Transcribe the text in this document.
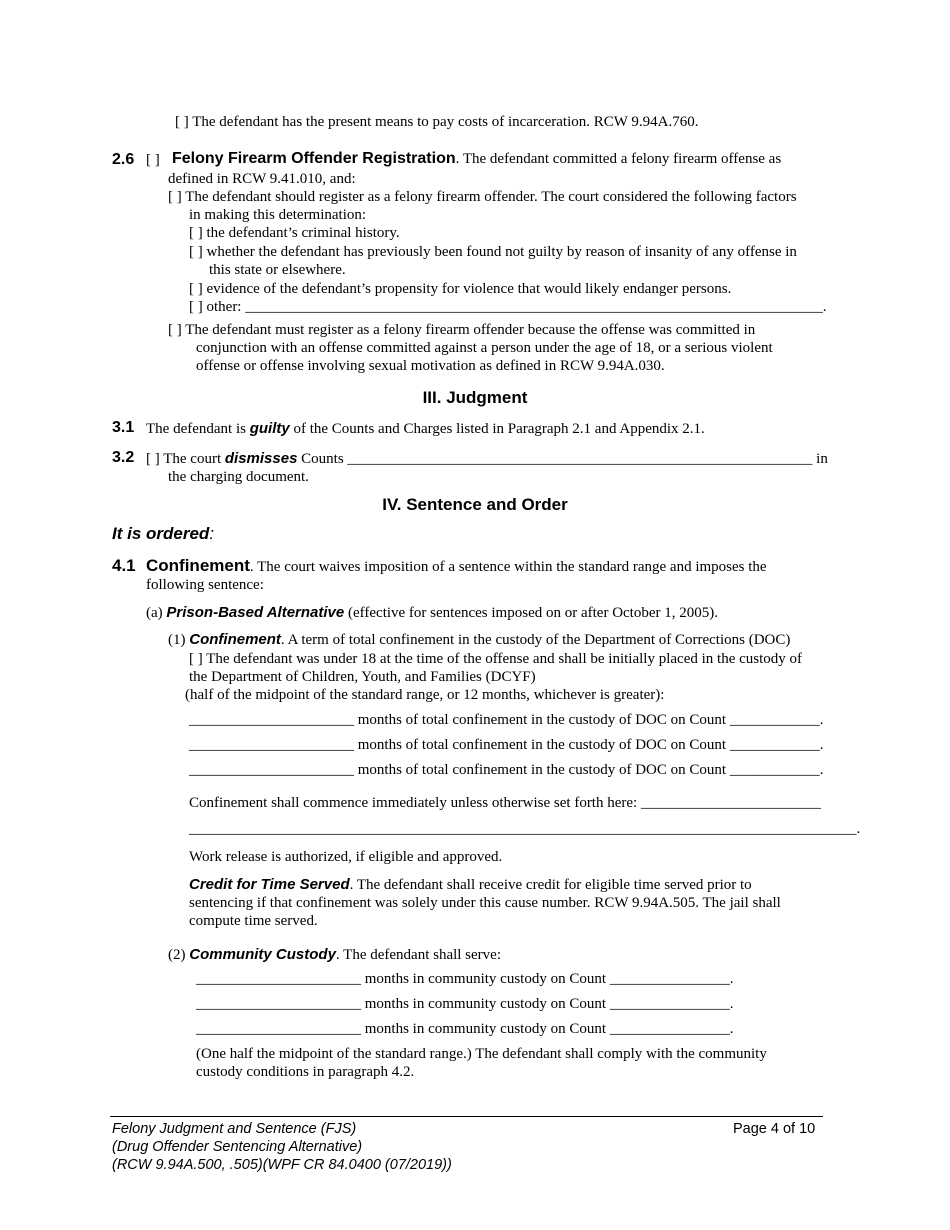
[ ] The defendant has the present means to pay costs of incarceration. RCW 9.94A.760.
2.6 [ ] Felony Firearm Offender Registration. The defendant committed a felony firearm offense as
defined in RCW 9.41.010, and:
[ ] The defendant should register as a felony firearm offender. The court considered the following factors
in making this determination:
[ ] the defendant’s criminal history.
[ ] whether the defendant has previously been found not guilty by reason of insanity of any offense in
this state or elsewhere.
[ ] evidence of the defendant’s propensity for violence that would likely endanger persons.
[ ] other: _____________________________________________________________________________.
[ ] The defendant must register as a felony firearm offender because the offense was committed in
conjunction with an offense committed against a person under the age of 18, or a serious violent
offense or offense involving sexual motivation as defined in RCW 9.94A.030.
III. Judgment
3.1 The defendant is guilty of the Counts and Charges listed in Paragraph 2.1 and Appendix 2.1.
3.2 [ ] The court dismisses Counts ______________________________________________________________ in
the charging document.
IV. Sentence and Order
It is ordered:
4.1 Confinement. The court waives imposition of a sentence within the standard range and imposes the
following sentence:
(a) Prison-Based Alternative (effective for sentences imposed on or after October 1, 2005).
(1) Confinement. A term of total confinement in the custody of the Department of Corrections (DOC)
[ ] The defendant was under 18 at the time of the offense and shall be initially placed in the custody of
the Department of Children, Youth, and Families (DCYF)
(half of the midpoint of the standard range, or 12 months, whichever is greater):
______________________ months of total confinement in the custody of DOC on Count ____________.
______________________ months of total confinement in the custody of DOC on Count ____________.
______________________ months of total confinement in the custody of DOC on Count ____________.
Confinement shall commence immediately unless otherwise set forth here: ________________________
_________________________________________________________________________________________.
Work release is authorized, if eligible and approved.
Credit for Time Served. The defendant shall receive credit for eligible time served prior to
sentencing if that confinement was solely under this cause number. RCW 9.94A.505. The jail shall
compute time served.
(2) Community Custody. The defendant shall serve:
______________________ months in community custody on Count ________________.
______________________ months in community custody on Count ________________.
______________________ months in community custody on Count ________________.
(One half the midpoint of the standard range.) The defendant shall comply with the community
custody conditions in paragraph 4.2.
Felony Judgment and Sentence (FJS)
(Drug Offender Sentencing Alternative)
(RCW 9.94A.500, .505)(WPF CR 84.0400 (07/2019))
Page 4 of 10
